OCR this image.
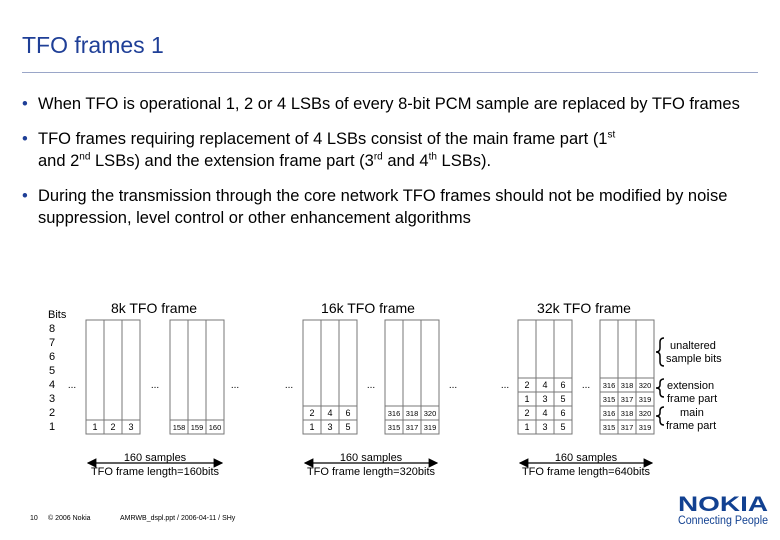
TFO frames 1
• When TFO is operational 1, 2 or 4 LSBs of every 8-bit PCM sample are replaced by TFO frames
• TFO frames requiring replacement of 4 LSBs consist of the main frame part (1st
and 2nd LSBs) and the extension frame part (3rd and 4th LSBs).
• During the transmission through the core network TFO frames should not be modified by noise suppression, level control or other enhancement algorithms
Bits
8
7
6
5
4
3
2
1
8k TFO frame
1 2 3	158 159 160
...	...	...
160 samples
TFO frame length=160bits
16k TFO frame
2 4 6
1 3 5
316 318 320
315 317 319
...	...	...
160 samples
TFO frame length=320bits
32k TFO frame
2 4 6
1 3 5
2 4 6
1 3 5
316 318 320
315 317 319
316 318 320
315 317 319
...	...
160 samples
TFO frame length=640bits
unaltered
sample bits
extension
frame part
main
frame part
10 © 2006 Nokia	AMRWB_dspl.ppt / 2006-04-11 / SHy
NOKIA
Connecting People
